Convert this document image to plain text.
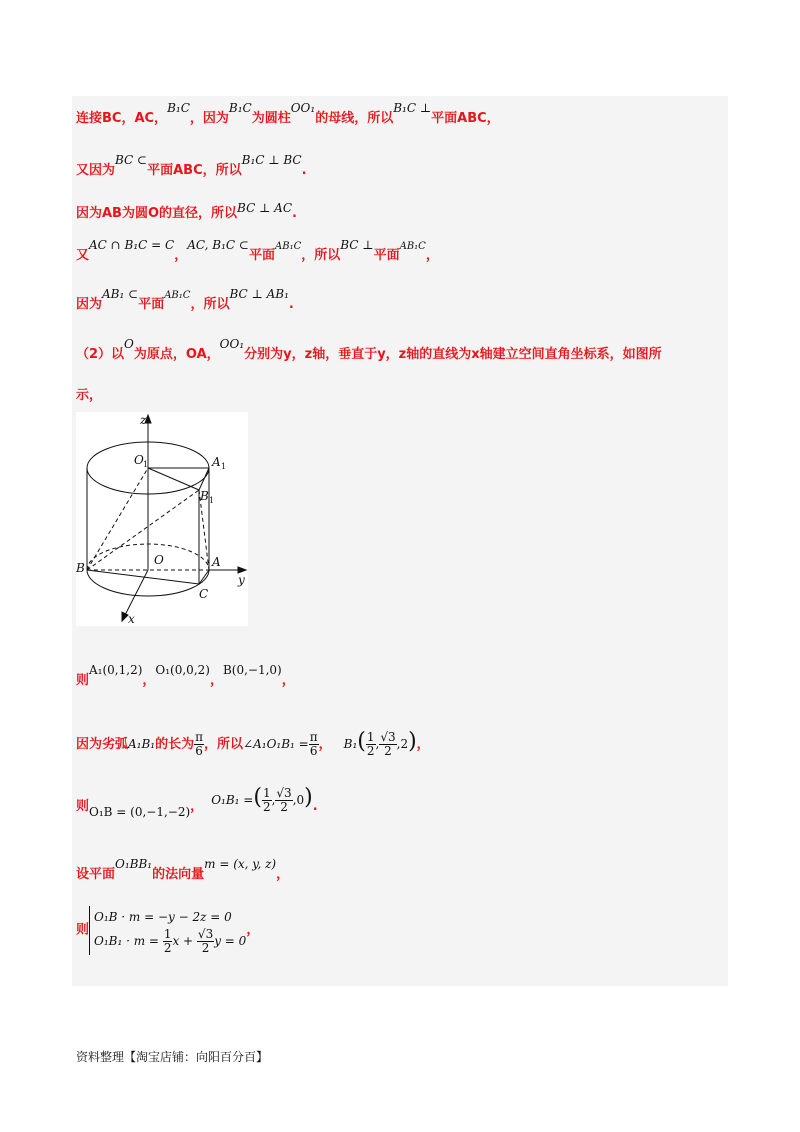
连接BC，AC，B₁C，因为B₁C为圆柱OO₁的母线，所以B₁C ⊥平面ABC，
又因为BC ⊂平面ABC，所以B₁C ⊥ BC.
因为AB为圆O的直径，所以BC ⊥ AC.
又AC ∩ B₁C = C，AC, B₁C ⊂平面AB₁C，所以BC ⊥平面AB₁C，
因为AB₁ ⊂平面AB₁C，所以BC ⊥ AB₁.
（2）以O为原点，OA，OO₁分别为y，z轴，垂直于y，z轴的直线为x轴建立空间直角坐标系，如图所
示，
z
O 1	A 1
B 1
B
O	A
y
C
x
则A₁(0,1,2)，O₁(0,0,2)，B(0,−1,0)，
因为劣弧A₁B₁的长为 $\frac{\pi}{6}$ ，所以∠A₁O₁B₁ = $\frac{\pi}{6}$ ， $B_1( \frac{1}{2}$ , $\frac{√3}{2} ,2$)，
则O₁B = (0,−1,−2)， O₁B₁ =( $\frac{1}{2}$ , $\frac{√3}{2} ,0$).
设平面O₁BB₁的法向量m = (x, y, z)，
则
O₁B · m = −y − 2z = 0
$O_1B_1 \cdot m = \frac{1}{2}$ $x + \frac{√3}{2}$ y = 0
，
资料整理【淘宝店铺：向阳百分百】
